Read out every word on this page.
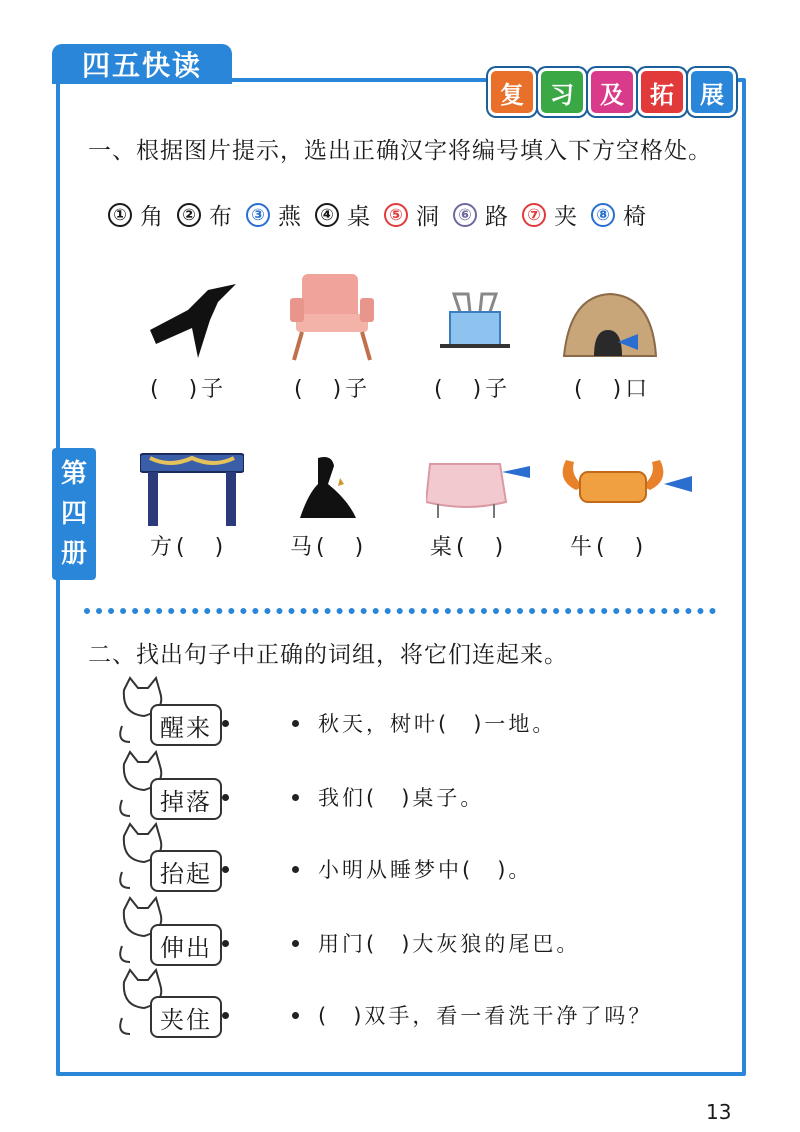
四五快读
复	习	及	拓	展
第
四
册
一、根据图片提示，选出正确汉字将编号填入下方空格处。
① 角	② 布	③ 燕	④ 桌	⑤ 洞	⑥ 路	⑦ 夹	⑧ 椅
(　)子	(　)子	(　)子	(　)口
方(　)	马(　)	桌(　)	牛(　)
二、找出句子中正确的词组，将它们连起来。
醒来	秋天，树叶(　)一地。
掉落	我们(　)桌子。
抬起	小明从睡梦中(　)。
伸出	用门(　)大灰狼的尾巴。
夹住	(　)双手，看一看洗干净了吗？
13
